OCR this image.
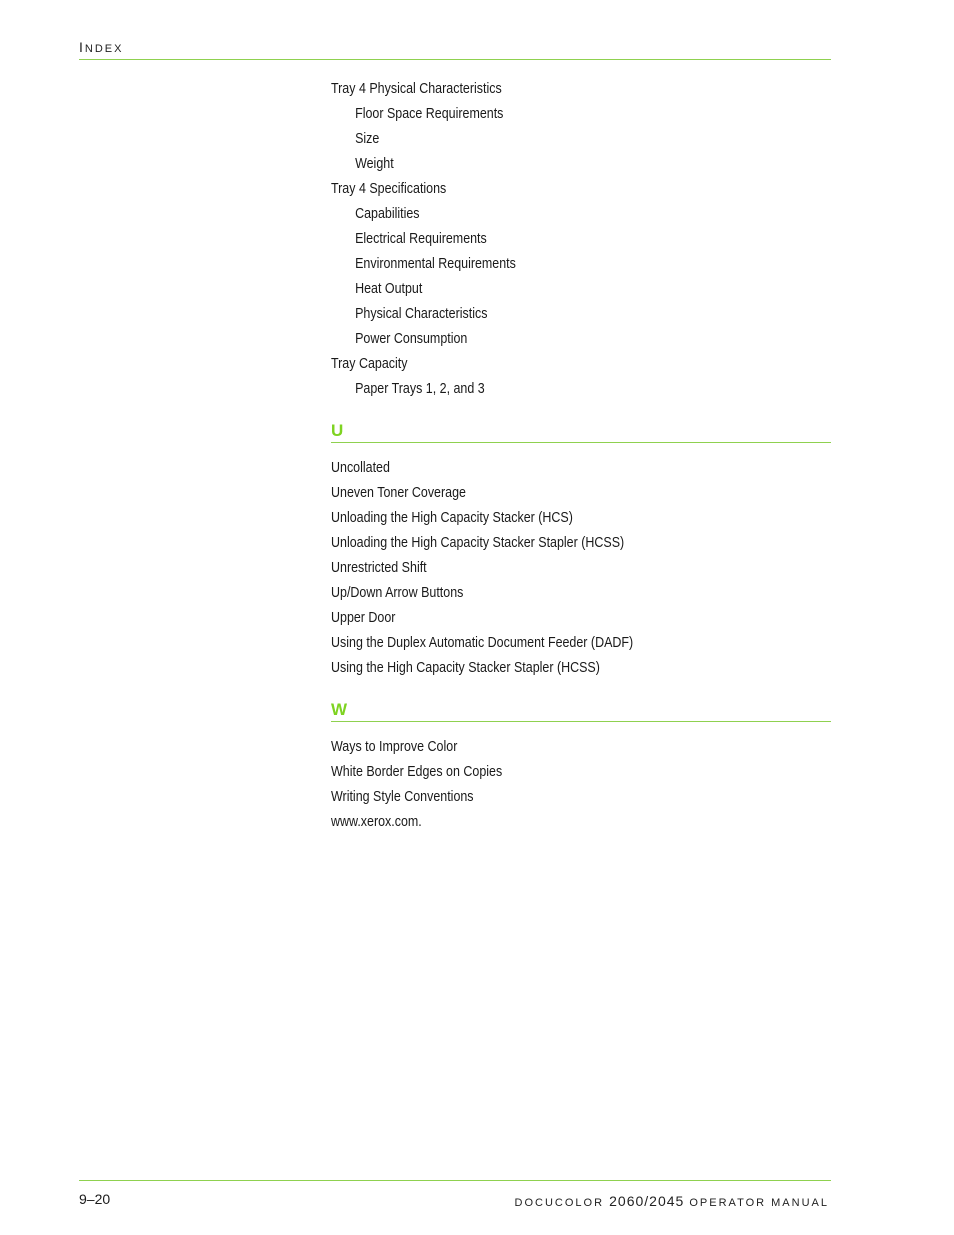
INDEX
Tray 4 Physical Characteristics
Floor Space Requirements
Size
Weight
Tray 4 Specifications
Capabilities
Electrical Requirements
Environmental Requirements
Heat Output
Physical Characteristics
Power Consumption
Tray Capacity
Paper Trays 1, 2, and 3
U
Uncollated
Uneven Toner Coverage
Unloading the High Capacity Stacker (HCS)
Unloading the High Capacity Stacker Stapler (HCSS)
Unrestricted Shift
Up/Down Arrow Buttons
Upper Door
Using the Duplex Automatic Document Feeder (DADF)
Using the High Capacity Stacker Stapler (HCSS)
W
Ways to Improve Color
White Border Edges on Copies
Writing Style Conventions
www.xerox.com.
9–20	DOCUCOLOR 2060/2045 OPERATOR MANUAL
